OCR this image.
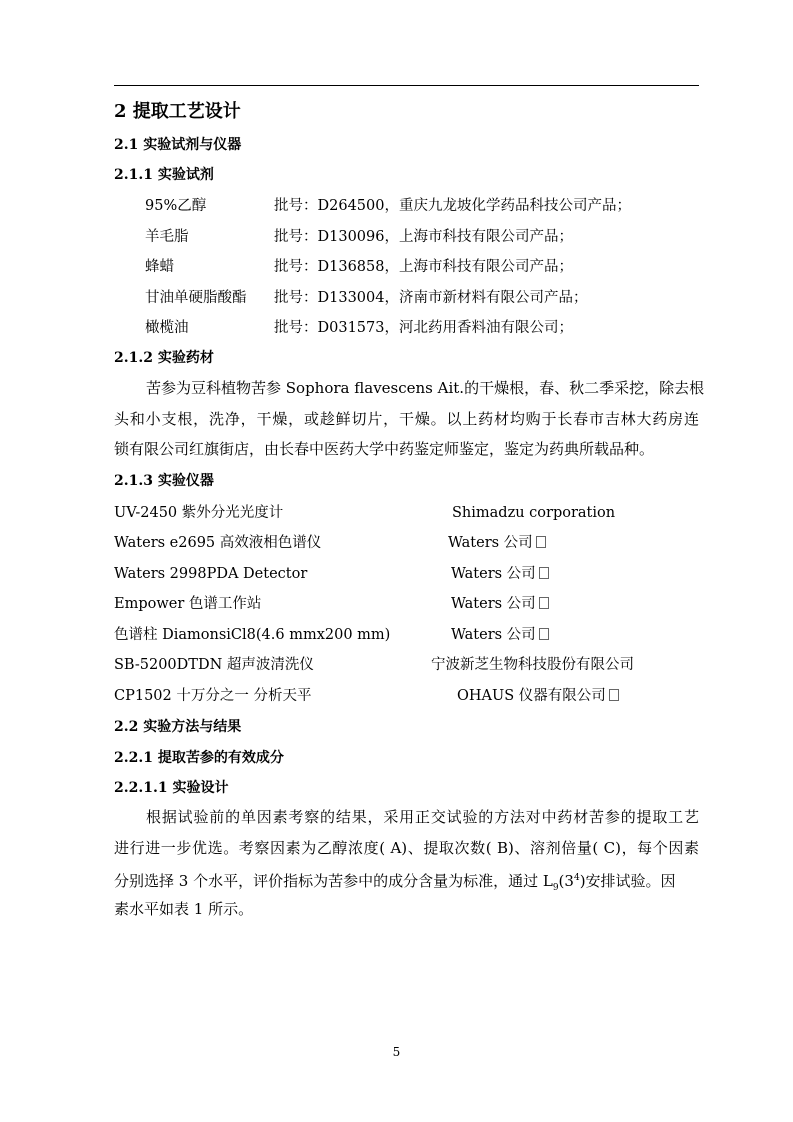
2 提取工艺设计
2.1 实验试剂与仪器
2.1.1 实验试剂
95%乙醇	批号：D264500，重庆九龙坡化学药品科技公司产品；
羊毛脂	批号：D130096，上海市科技有限公司产品；
蜂蜡	批号：D136858，上海市科技有限公司产品；
甘油单硬脂酸酯 批号：D133004，济南市新材料有限公司产品；
橄榄油	批号：D031573，河北药用香料油有限公司；
2.1.2 实验药材
苦参为豆科植物苦参 Sophora flavescens Ait.的干燥根，春、秋二季采挖，除去根
头和小支根，洗净，干燥，或趁鲜切片，干燥。以上药材均购于长春市吉林大药房连
锁有限公司红旗街店，由长春中医药大学中药鉴定师鉴定，鉴定为药典所载品种。
2.1.3 实验仪器
UV-2450 紫外分光光度计	Shimadzu corporation
Waters e2695 高效液相色谱仪	Waters 公司
Waters 2998PDA Detector	Waters 公司
Empower 色谱工作站	Waters 公司
色谱柱 DiamonsiCl8(4.6 mmx200 mm)	Waters 公司
SB-5200DTDN 超声波清洗仪	宁波新芝生物科技股份有限公司
CP1502 十万分之一 分析天平	OHAUS 仪器有限公司
2.2 实验方法与结果
2.2.1 提取苦参的有效成分
2.2.1.1 实验设计
根据试验前的单因素考察的结果，采用正交试验的方法对中药材苦参的提取工艺
进行进一步优选。考察因素为乙醇浓度( A)、提取次数( B)、溶剂倍量( C)，每个因素
分别选择 3 个水平，评价指标为苦参中的成分含量为标准，通过 $L_9(3^4)$安排试验。因
素水平如表 1 所示。
5
